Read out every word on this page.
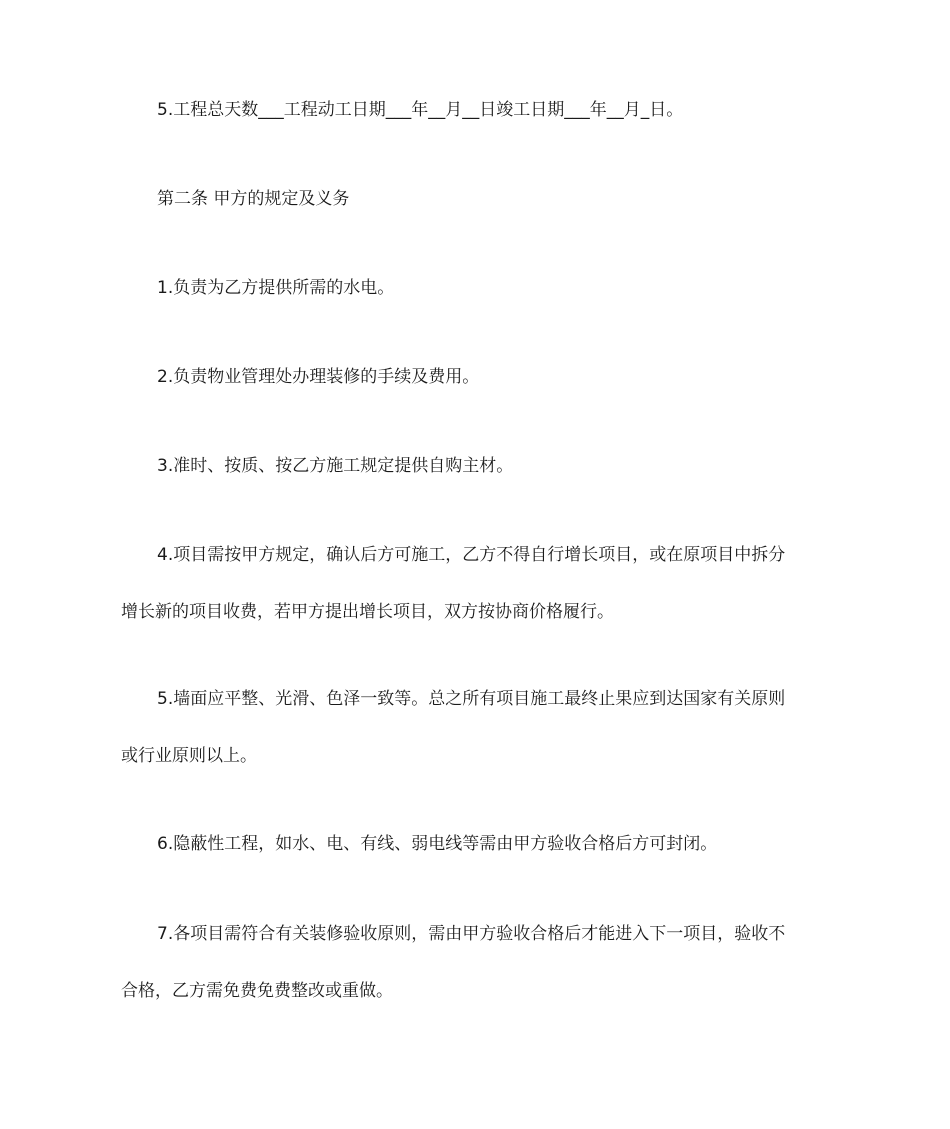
5.工程总天数___工程动工日期___年__月__日竣工日期___年__月_日。
第二条 甲方的规定及义务
1.负责为乙方提供所需的水电。
2.负责物业管理处办理装修的手续及费用。
3.准时、按质、按乙方施工规定提供自购主材。
4.项目需按甲方规定，确认后方可施工，乙方不得自行增长项目，或在原项目中拆分
增长新的项目收费，若甲方提出增长项目，双方按协商价格履行。
5.墙面应平整、光滑、色泽一致等。总之所有项目施工最终止果应到达国家有关原则
或行业原则以上。
6.隐蔽性工程，如水、电、有线、弱电线等需由甲方验收合格后方可封闭。
7.各项目需符合有关装修验收原则，需由甲方验收合格后才能进入下一项目，验收不
合格，乙方需免费免费整改或重做。
